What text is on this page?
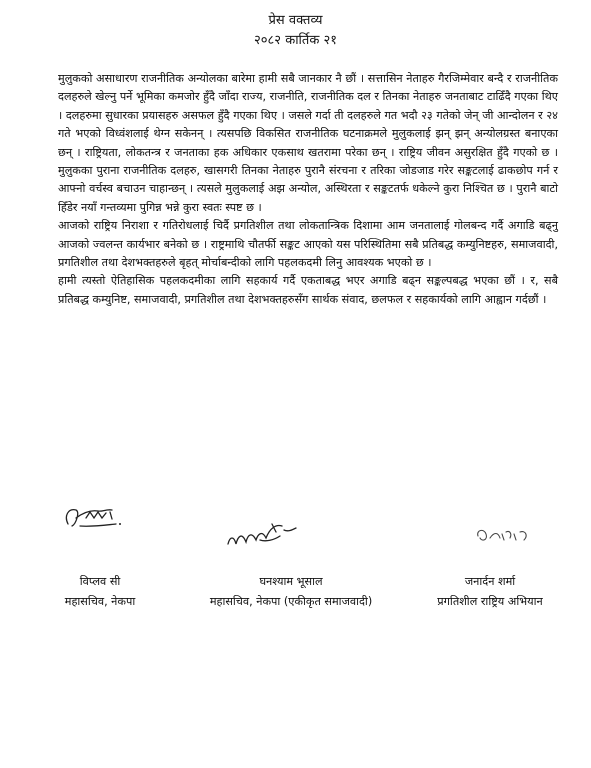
प्रेस वक्तव्य
२०८२ कार्तिक २१

मुलुकको असाधारण राजनीतिक अन्योलका बारेमा हामी सबै जानकार नै छौं । सत्तासिन नेताहरु गैरजिम्मेवार बन्दै र राजनीतिक दलहरुले खेल्नु पर्ने भूमिका कमजोर हुँदै जाँदा राज्य, राजनीति, राजनीतिक दल र तिनका नेताहरु जनताबाट टाढिँदै गएका थिए । दलहरुमा सुधारका प्रयासहरु असफल हुँदै गएका थिए । जसले गर्दा ती दलहरुले गत भदौ २३ गतेको जेन् जी आन्दोलन र २४ गते भएको विध्वंशलाई थेग्न सकेनन् । त्यसपछि विकसित राजनीतिक घटनाक्रमले मुलुकलाई झन् झन् अन्योलग्रस्त बनाएका छन् । राष्ट्रियता, लोकतन्त्र र जनताका हक अधिकार एकसाथ खतरामा परेका छन् । राष्ट्रिय जीवन असुरक्षित हुँदै गएको छ । मुलुकका पुराना राजनीतिक दलहरु, खासगरी तिनका नेताहरु पुरानै संरचना र तरिका जोडजाड गरेर सङ्कटलाई ढाकछोप गर्न र आफ्नो वर्चस्व बचाउन चाहान्छन् । त्यसले मुलुकलाई अझ अन्योल, अस्थिरता र सङ्कटतर्फ धकेल्ने कुरा निश्चित छ । पुरानै बाटो हिँडेर नयाँ गन्तव्यमा पुगिन्न भन्ने कुरा स्वतः स्पष्ट छ ।

आजको राष्ट्रिय निराशा र गतिरोधलाई चिर्दै प्रगतिशील तथा लोकतान्त्रिक दिशामा आम जनतालाई गोलबन्द गर्दै अगाडि बढ्नु आजको ज्वलन्त कार्यभार बनेको छ । राष्ट्रमाथि चौतर्फी सङ्कट आएको यस परिस्थितिमा सबै प्रतिबद्ध कम्युनिष्टहरु, समाजवादी, प्रगतिशील तथा देशभक्तहरुले बृहत् मोर्चाबन्दीको लागि पहलकदमी लिनु आवश्यक भएको छ ।

हामी त्यस्तो ऐतिहासिक पहलकदमीका लागि सहकार्य गर्दै एकताबद्ध भएर अगाडि बढ्न सङ्कल्पबद्ध भएका छौं । र, सबै प्रतिबद्ध कम्युनिष्ट, समाजवादी, प्रगतिशील तथा देशभक्तहरुसँग सार्थक संवाद, छलफल र सहकार्यको लागि आह्वान गर्दछौं ।

विप्लव सी
महासचिव, नेकपा
घनश्याम भूसाल
महासचिव, नेकपा (एकीकृत समाजवादी)
जनार्दन शर्मा
प्रगतिशील राष्ट्रिय अभियान
